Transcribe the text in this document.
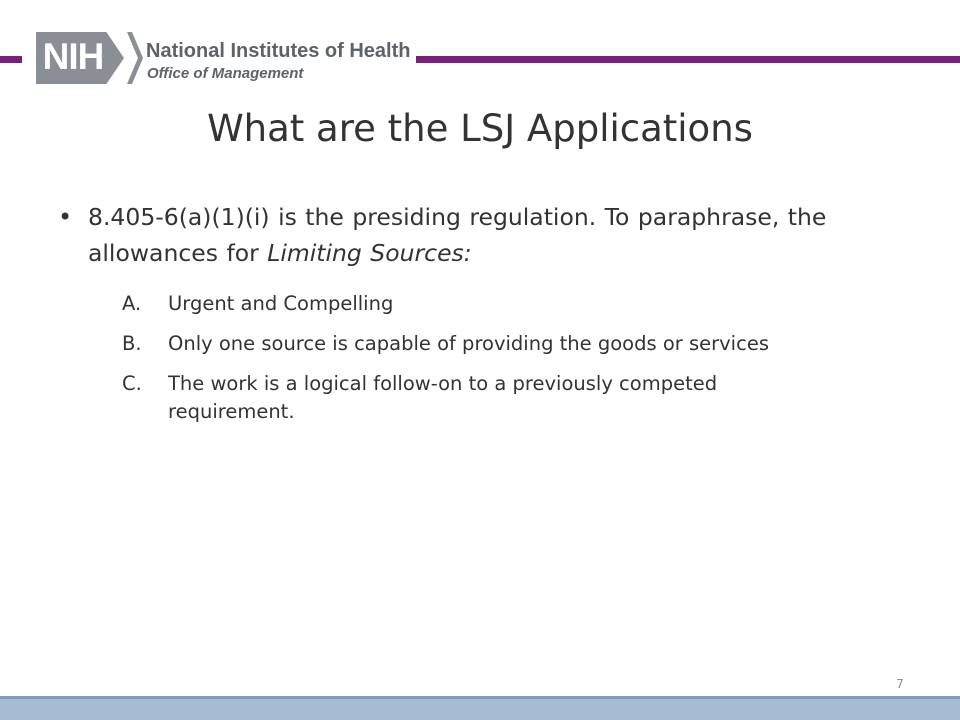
NIH National Institutes of Health
Office of Management
What are the LSJ Applications
• 8.405-6(a)(1)(i) is the presiding regulation. To paraphrase, the allowances for Limiting Sources:
A. Urgent and Compelling
B. Only one source is capable of providing the goods or services
C. The work is a logical follow-on to a previously competed requirement.
7
